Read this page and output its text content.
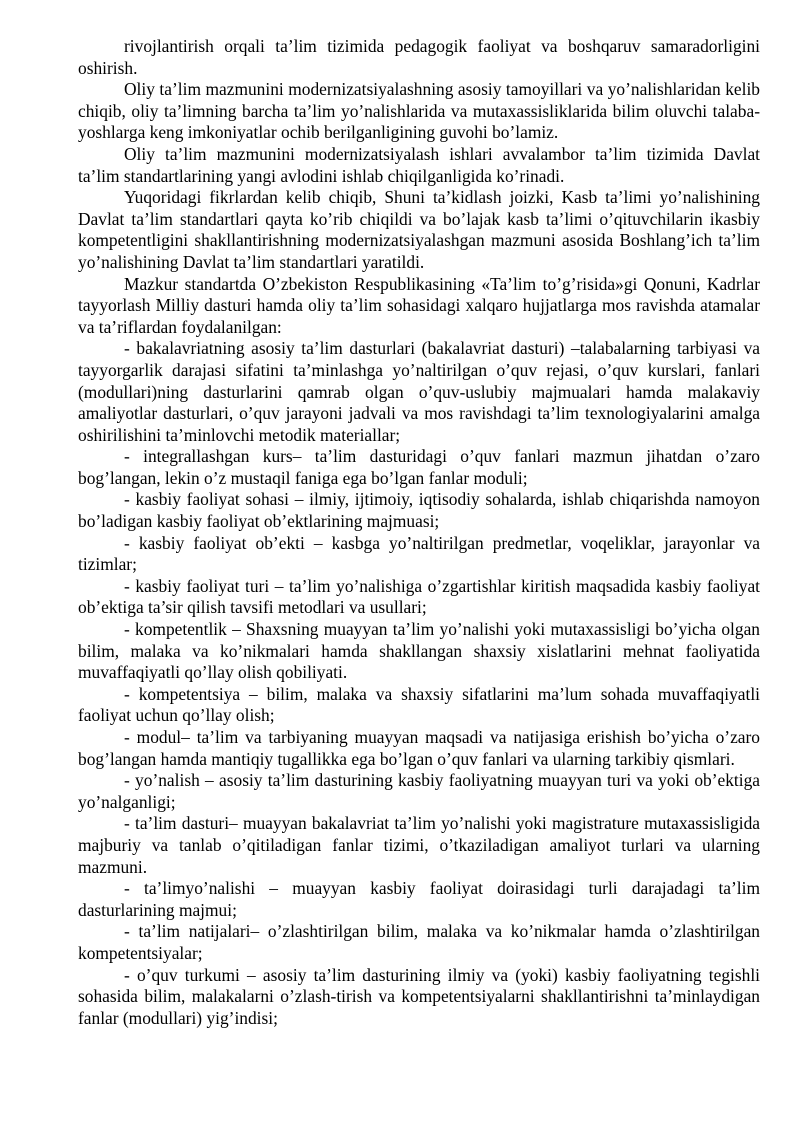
rivojlantirish orqali ta’lim tizimida pedagogik faoliyat va boshqaruv samaradorligini oshirish.

Oliy ta’lim mazmunini modernizatsiyalashning asosiy tamoyillari va yo’nalishlaridan kelib chiqib, oliy ta’limning barcha ta’lim yo’nalishlarida va mutaxassisliklarida bilim oluvchi talaba-yoshlarga keng imkoniyatlar ochib berilganligining guvohi bo’lamiz.

Oliy ta’lim mazmunini modernizatsiyalash ishlari avvalambor ta’lim tizimida Davlat ta’lim standartlarining yangi avlodini ishlab chiqilganligida ko’rinadi.

Yuqoridagi fikrlardan kelib chiqib, Shuni ta’kidlash joizki, Kasb ta’limi yo’nalishining Davlat ta’lim standartlari qayta ko’rib chiqildi va bo’lajak kasb ta’limi o’qituvchilarin ikasbiy kompetentligini shakllantirishning modernizatsiyalashgan mazmuni asosida Boshlang’ich ta’lim yo’nalishining Davlat ta’lim standartlari yaratildi.

Mazkur standartda O’zbekiston Respublikasining «Ta’lim to’g’risida»gi Qonuni, Kadrlar tayyorlash Milliy dasturi hamda oliy ta’lim sohasidagi xalqaro hujjatlarga mos ravishda atamalar va ta’riflardan foydalanilgan:

- bakalavriatning asosiy ta’lim dasturlari (bakalavriat dasturi) –talabalarning tarbiyasi va tayyorgarlik darajasi sifatini ta’minlashga yo’naltirilgan o’quv rejasi, o’quv kurslari, fanlari (modullari)ning dasturlarini qamrab olgan o’quv-uslubiy majmualari hamda malakaviy amaliyotlar dasturlari, o’quv jarayoni jadvali va mos ravishdagi ta’lim texnologiyalarini amalga oshirilishini ta’minlovchi metodik materiallar;

- integrallashgan kurs– ta’lim dasturidagi o’quv fanlari mazmun jihatdan o’zaro bog’langan, lekin o’z mustaqil faniga ega bo’lgan fanlar moduli;

- kasbiy faoliyat sohasi – ilmiy, ijtimoiy, iqtisodiy sohalarda, ishlab chiqarishda namoyon bo’ladigan kasbiy faoliyat ob’ektlarining majmuasi;

- kasbiy faoliyat ob’ekti – kasbga yo’naltirilgan predmetlar, voqeliklar, jarayonlar va tizimlar;

- kasbiy faoliyat turi – ta’lim yo’nalishiga o’zgartishlar kiritish maqsadida kasbiy faoliyat ob’ektiga ta’sir qilish tavsifi metodlari va usullari;

- kompetentlik – Shaxsning muayyan ta’lim yo’nalishi yoki mutaxassisligi bo’yicha olgan bilim, malaka va ko’nikmalari hamda shakllangan shaxsiy xislatlarini mehnat faoliyatida muvaffaqiyatli qo’llay olish qobiliyati.

- kompetentsiya – bilim, malaka va shaxsiy sifatlarini ma’lum sohada muvaffaqiyatli faoliyat uchun qo’llay olish;

- modul– ta’lim va tarbiyaning muayyan maqsadi va natijasiga erishish bo’yicha o’zaro bog’langan hamda mantiqiy tugallikka ega bo’lgan o’quv fanlari va ularning tarkibiy qismlari.

- yo’nalish – asosiy ta’lim dasturining kasbiy faoliyatning muayyan turi va yoki ob’ektiga yo’nalganligi;

- ta’lim dasturi– muayyan bakalavriat ta’lim yo’nalishi yoki magistrature mutaxassisligida majburiy va tanlab o’qitiladigan fanlar tizimi, o’tkaziladigan amaliyot turlari va ularning mazmuni.

- ta’limyo’nalishi – muayyan kasbiy faoliyat doirasidagi turli darajadagi ta’lim dasturlarining majmui;

- ta’lim natijalari– o’zlashtirilgan bilim, malaka va ko’nikmalar hamda o’zlashtirilgan kompetentsiyalar;

- o’quv turkumi – asosiy ta’lim dasturining ilmiy va (yoki) kasbiy faoliyatning tegishli sohasida bilim, malakalarni o’zlash-tirish va kompetentsiyalarni shakllantirishni ta’minlaydigan fanlar (modullari) yig’indisi;
